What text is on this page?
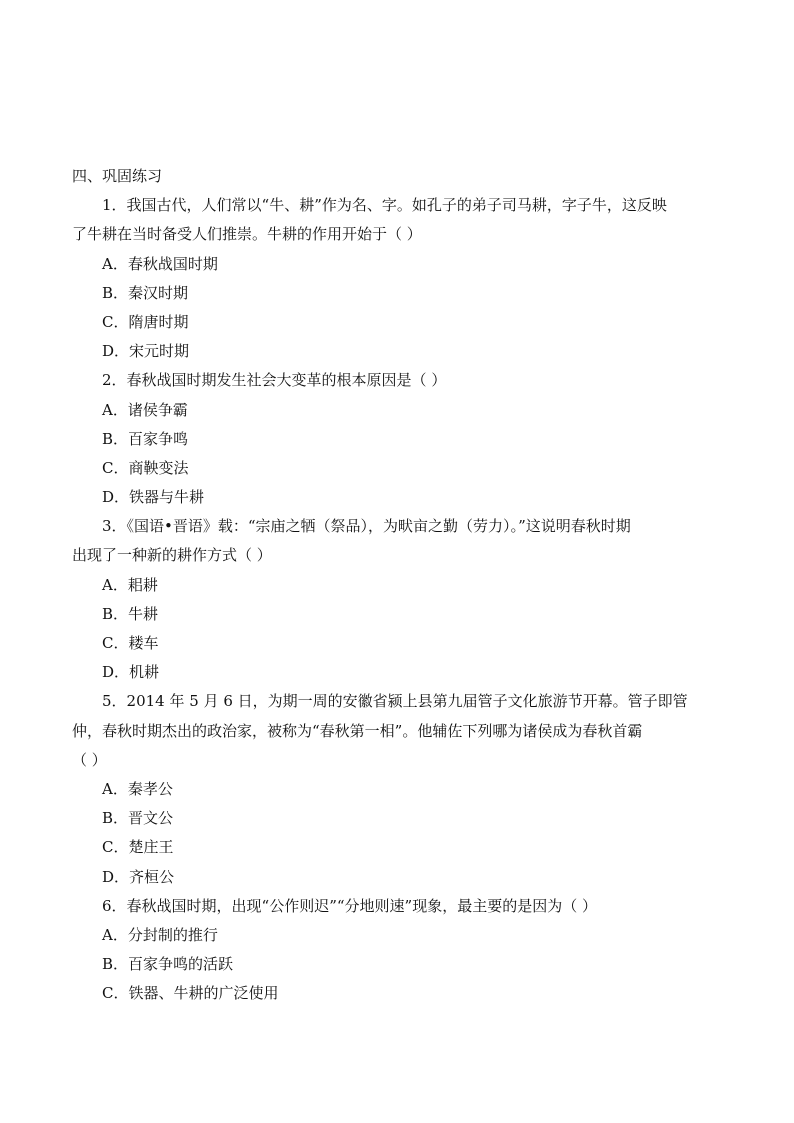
四、巩固练习
1．我国古代，人们常以“牛、耕”作为名、字。如孔子的弟子司马耕，字子牛，这反映
了牛耕在当时备受人们推崇。牛耕的作用开始于（ ）
A．春秋战国时期
B．秦汉时期
C．隋唐时期
D．宋元时期
2．春秋战国时期发生社会大变革的根本原因是（ ）
A．诸侯争霸
B．百家争鸣
C．商鞅变法
D．铁器与牛耕
3．《国语•晋语》载：“宗庙之牺（祭品），为畎亩之勤（劳力）。”这说明春秋时期
出现了一种新的耕作方式（ ）
A．耜耕
B．牛耕
C．耧车
D．机耕
5．2014 年 5 月 6 日，为期一周的安徽省颍上县第九届管子文化旅游节开幕。管子即管
仲，春秋时期杰出的政治家，被称为“春秋第一相”。他辅佐下列哪为诸侯成为春秋首霸
（ ）
A．秦孝公
B．晋文公
C．楚庄王
D．齐桓公
6．春秋战国时期，出现“公作则迟”“分地则速”现象，最主要的是因为（ ）
A．分封制的推行
B．百家争鸣的活跃
C．铁器、牛耕的广泛使用
